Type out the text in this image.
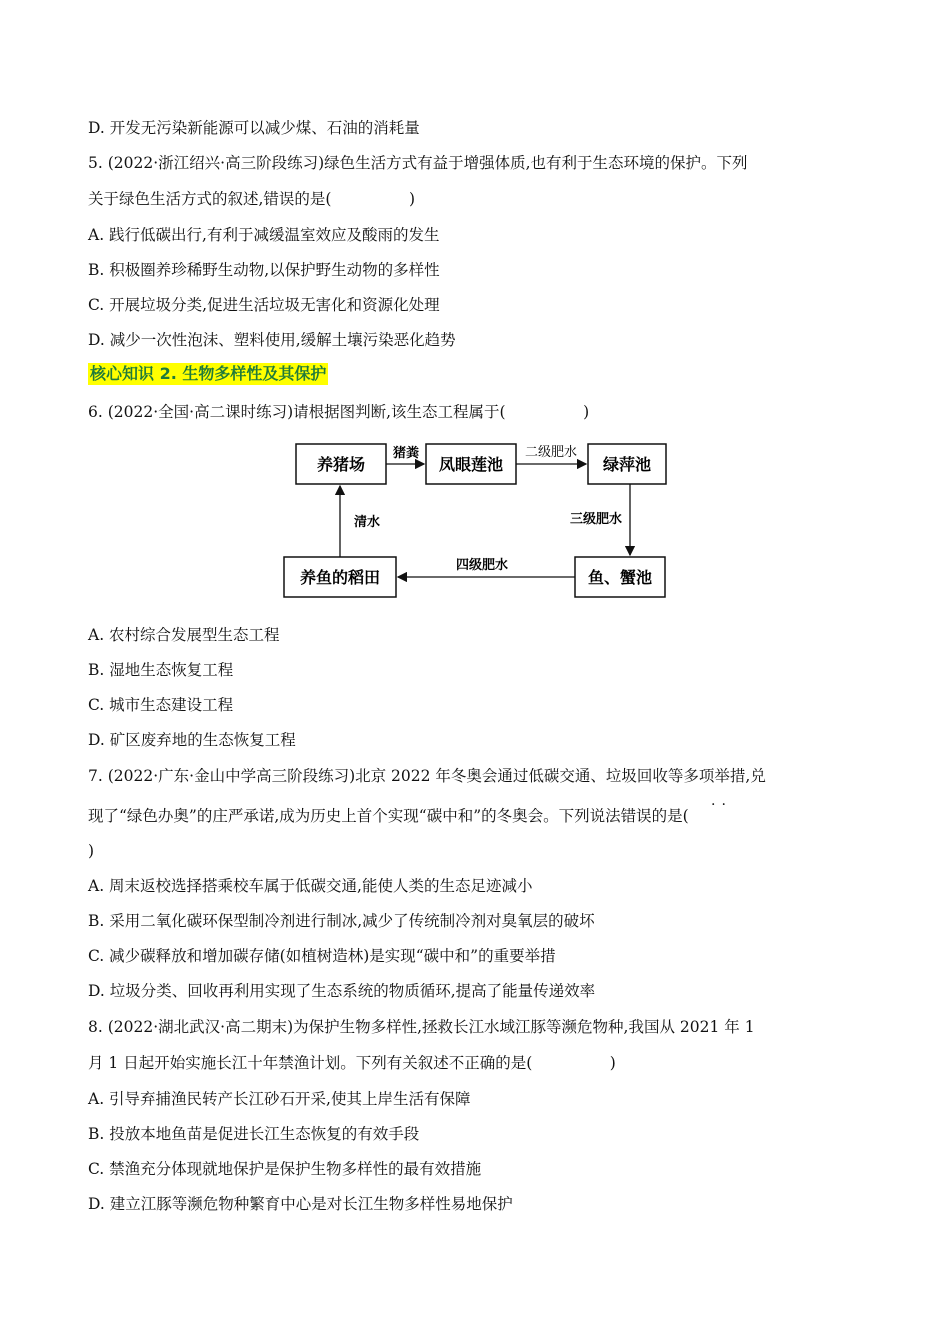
D. 开发无污染新能源可以减少煤、石油的消耗量
5. (2022·浙江绍兴·高三阶段练习)绿色生活方式有益于增强体质,也有利于生态环境的保护。下列
关于绿色生活方式的叙述,错误的是(　　　　　)
A. 践行低碳出行,有利于减缓温室效应及酸雨的发生
B. 积极圈养珍稀野生动物,以保护野生动物的多样性
C. 开展垃圾分类,促进生活垃圾无害化和资源化处理
D. 减少一次性泡沫、塑料使用,缓解土壤污染恶化趋势
核心知识 2. 生物多样性及其保护
6. (2022·全国·高二课时练习)请根据图判断,该生态工程属于(　　　　　)
养猪场	凤眼莲池	绿萍池
鱼、蟹池
养鱼的稻田
猪粪	二级肥水
三级肥水
四级肥水
清水
A. 农村综合发展型生态工程
B. 湿地生态恢复工程
C. 城市生态建设工程
D. 矿区废弃地的生态恢复工程
7. (2022·广东·金山中学高三阶段练习)北京 2022 年冬奥会通过低碳交通、垃圾回收等多项举措,兑
..
现了“绿色办奥”的庄严承诺,成为历史上首个实现“碳中和”的冬奥会。下列说法错误的是(
)
A. 周末返校选择搭乘校车属于低碳交通,能使人类的生态足迹减小
B. 采用二氧化碳环保型制冷剂进行制冰,减少了传统制冷剂对臭氧层的破坏
C. 减少碳释放和增加碳存储(如植树造林)是实现“碳中和”的重要举措
D. 垃圾分类、回收再利用实现了生态系统的物质循环,提高了能量传递效率
8. (2022·湖北武汉·高二期末)为保护生物多样性,拯救长江水域江豚等濒危物种,我国从 2021 年 1
月 1 日起开始实施长江十年禁渔计划。下列有关叙述不正确的是(　　　　　)
A. 引导弃捕渔民转产长江砂石开采,使其上岸生活有保障
B. 投放本地鱼苗是促进长江生态恢复的有效手段
C. 禁渔充分体现就地保护是保护生物多样性的最有效措施
D. 建立江豚等濒危物种繁育中心是对长江生物多样性易地保护
